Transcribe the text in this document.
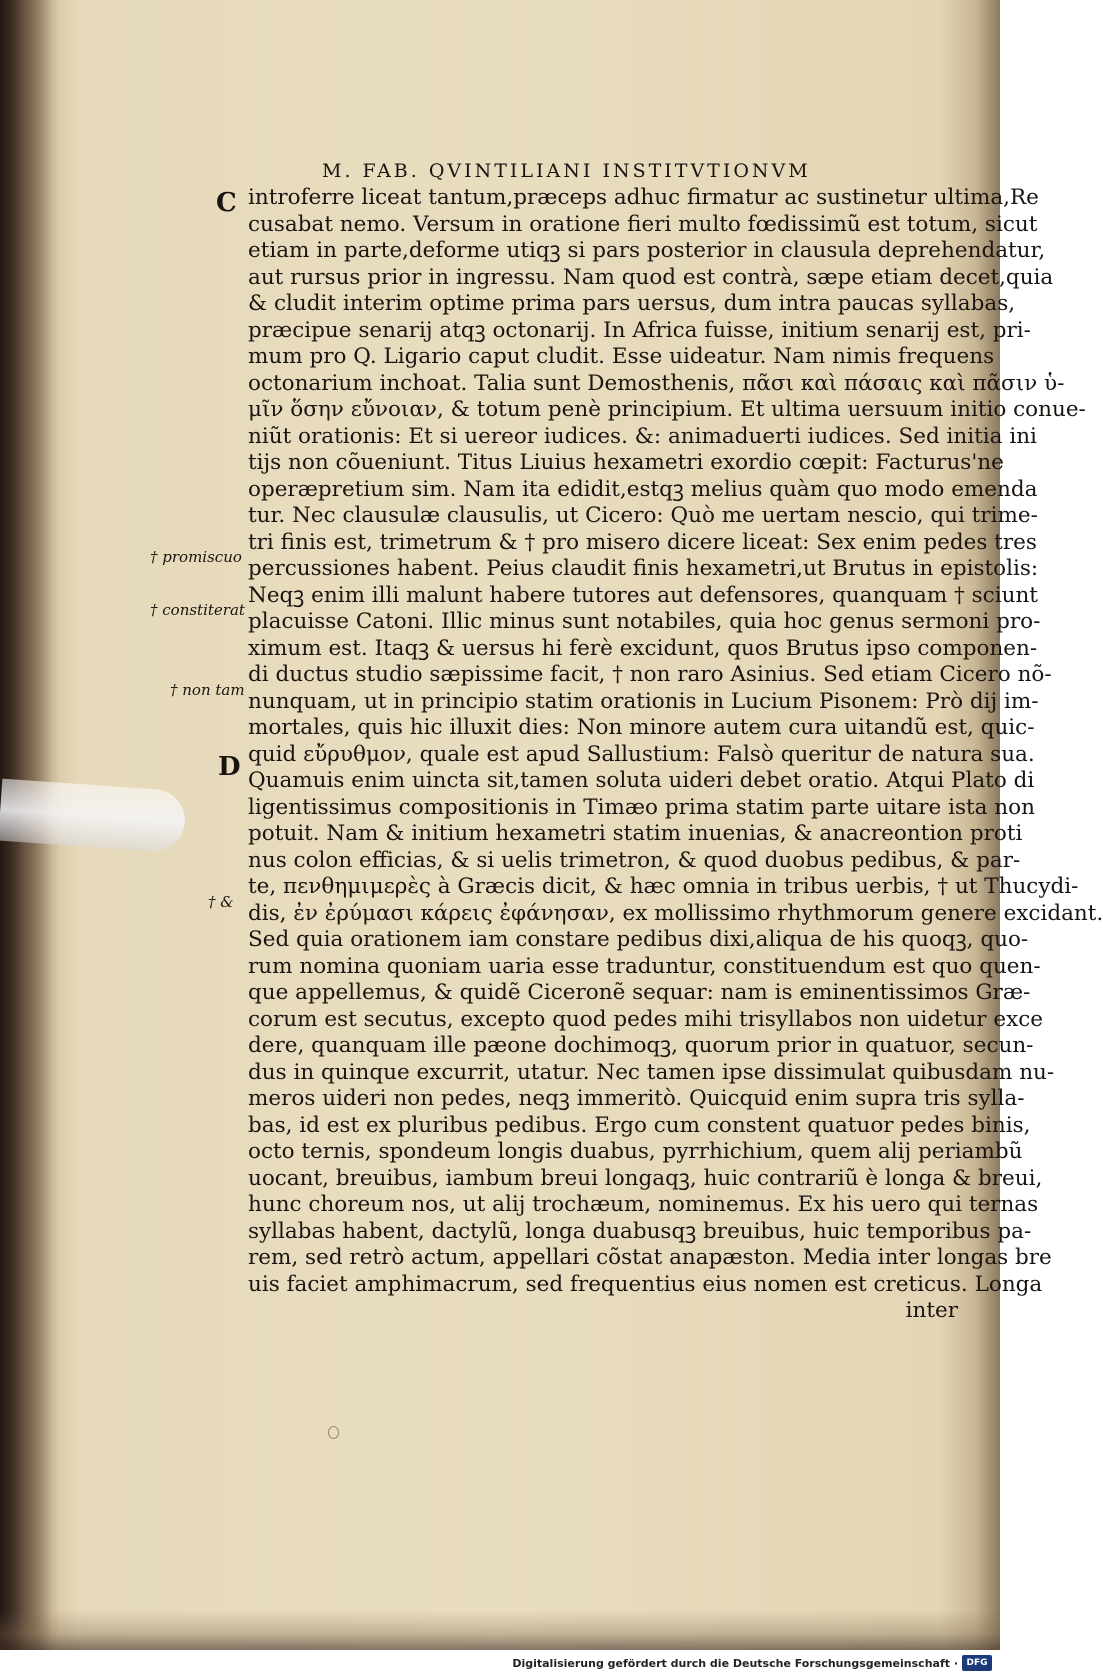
M. FAB. QVINTILIANI INSTITVTIONVM
C
D
† promiscuo
† constiterat
† non tam
† &
introferre liceat tantum,præceps adhuc firmatur ac sustinetur ultima,Re
cusabat nemo. Versum in oratione fieri multo fœdissimũ est totum, sicut
etiam in parte,deforme utiqꝫ si pars posterior in clausula deprehendatur,
aut rursus prior in ingressu. Nam quod est contrà, sæpe etiam decet,quia
& cludit interim optime prima pars uersus, dum intra paucas syllabas,
præcipue senarij atqꝫ octonarij. In Africa fuisse, initium senarij est, pri-
mum pro Q. Ligario caput cludit. Esse uideatur. Nam nimis frequens
octonarium inchoat. Talia sunt Demosthenis, πᾶσι καὶ πάσαις καὶ πᾶσιν ὑ-
μῖν ὅσην εὔνοιαν, & totum penè principium. Et ultima uersuum initio conue-
niũt orationis: Et si uereor iudices. &: animaduerti iudices. Sed initia ini
tijs non cõueniunt. Titus Liuius hexametri exordio cœpit: Facturus'ne
operæpretium sim. Nam ita edidit,estqꝫ melius quàm quo modo emenda
tur. Nec clausulæ clausulis, ut Cicero: Quò me uertam nescio, qui trime-
tri finis est, trimetrum & † pro misero dicere liceat: Sex enim pedes tres
percussiones habent. Peius claudit finis hexametri,ut Brutus in epistolis:
Neqꝫ enim illi malunt habere tutores aut defensores, quanquam † sciunt
placuisse Catoni. Illic minus sunt notabiles, quia hoc genus sermoni pro-
ximum est. Itaqꝫ & uersus hi ferè excidunt, quos Brutus ipso componen-
di ductus studio sæpissime facit, † non raro Asinius. Sed etiam Cicero nõ-
nunquam, ut in principio statim orationis in Lucium Pisonem: Prò dij im-
mortales, quis hic illuxit dies: Non minore autem cura uitandũ est, quic-
quid εὔρυθμον, quale est apud Sallustium: Falsò queritur de natura sua.
Quamuis enim uincta sit,tamen soluta uideri debet oratio. Atqui Plato di
ligentissimus compositionis in Timæo prima statim parte uitare ista non
potuit. Nam & initium hexametri statim inuenias, & anacreontion proti
nus colon efficias, & si uelis trimetron, & quod duobus pedibus, & par-
te, πενθημιμερὲς à Græcis dicit, & hæc omnia in tribus uerbis, † ut Thucydi-
dis, ἐν ἐρύμασι κάρεις ἐφάνησαν, ex mollissimo rhythmorum genere excidant.
Sed quia orationem iam constare pedibus dixi,aliqua de his quoqꝫ, quo-
rum nomina quoniam uaria esse traduntur, constituendum est quo quen-
que appellemus, & quidẽ Ciceronẽ sequar: nam is eminentissimos Græ-
corum est secutus, excepto quod pedes mihi trisyllabos non uidetur exce
dere, quanquam ille pæone dochimoqꝫ, quorum prior in quatuor, secun-
dus in quinque excurrit, utatur. Nec tamen ipse dissimulat quibusdam nu-
meros uideri non pedes, neqꝫ immeritò. Quicquid enim supra tris sylla-
bas, id est ex pluribus pedibus. Ergo cum constent quatuor pedes binis,
octo ternis, spondeum longis duabus, pyrrhichium, quem alij periambũ
uocant, breuibus, iambum breui longaqꝫ, huic contrariũ è longa & breui,
hunc choreum nos, ut alij trochæum, nominemus. Ex his uero qui ternas
syllabas habent, dactylũ, longa duabusqꝫ breuibus, huic temporibus pa-
rem, sed retrò actum, appellari cõstat anapæston. Media inter longas bre
uis faciet amphimacrum, sed frequentius eius nomen est creticus. Longa
inter
Digitalisierung gefördert durch die Deutsche Forschungsgemeinschaft · DFG
